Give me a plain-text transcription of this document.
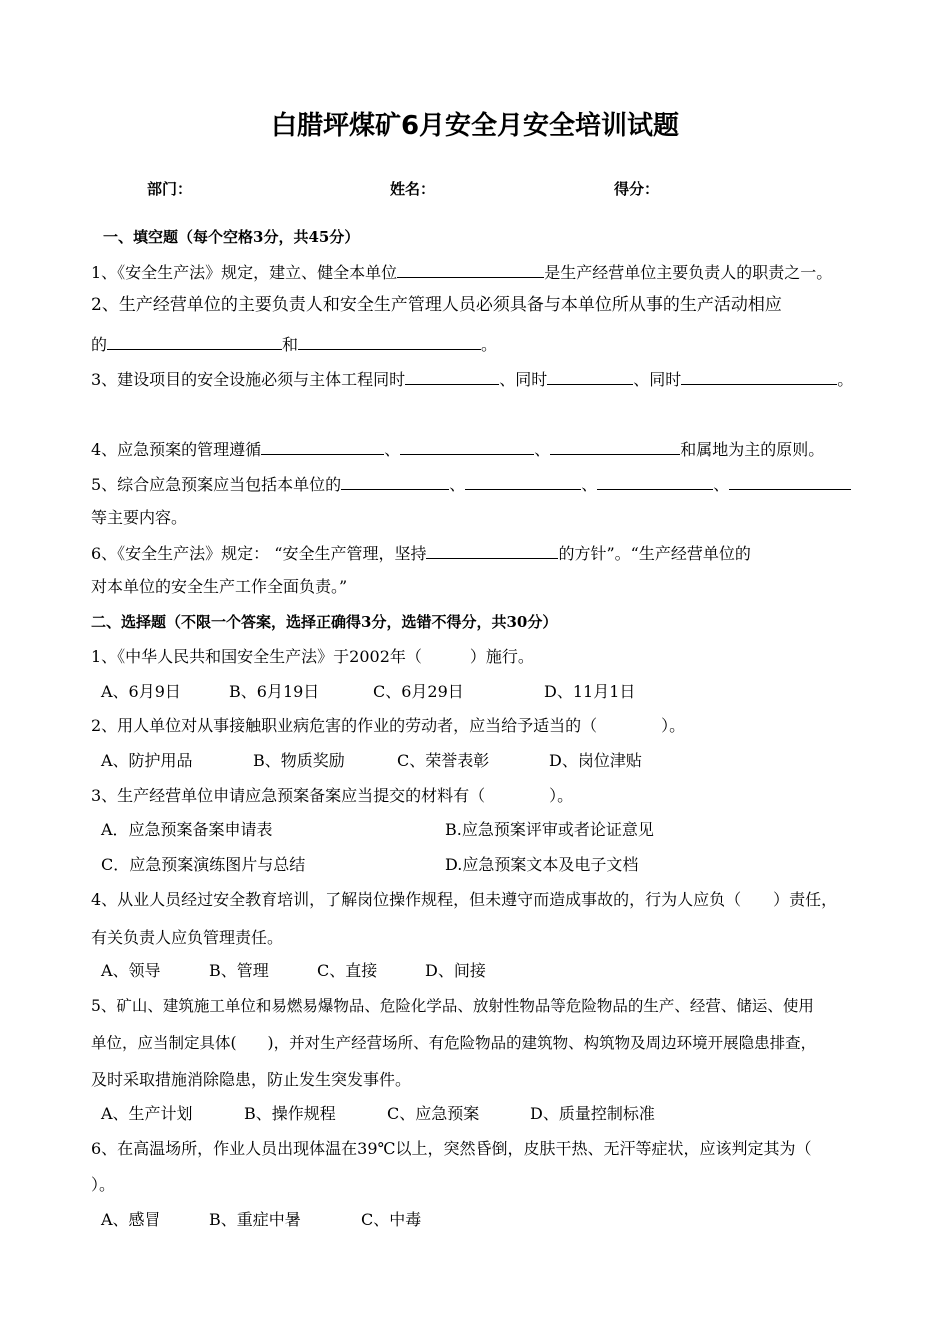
白腊坪煤矿6月安全月安全培训试题
部门：	姓名：	得分：
一、填空题（每个空格3分，共45分）
1、《安全生产法》规定，建立、健全本单位	是生产经营单位主要负责人的职责之一。
2、生产经营单位的主要负责人和安全生产管理人员必须具备与本单位所从事的生产活动相应
的	和	。
3、建设项目的安全设施必须与主体工程同时	、同时	、同时	。
4、应急预案的管理遵循	、	、	和属地为主的原则。
5、综合应急预案应当包括本单位的	、	、	、
等主要内容。
6、《安全生产法》规定： “安全生产管理，坚持	的方针”。“生产经营单位的
对本单位的安全生产工作全面负责。”
二、选择题（不限一个答案，选择正确得3分，选错不得分，共30分）
1、《中华人民共和国安全生产法》于2002年（　　　）施行。
A、6月9日	B、6月19日	C、6月29日	D、11月1日
2、用人单位对从事接触职业病危害的作业的劳动者，应当给予适当的（　　　　）。
A、防护用品	B、物质奖励	C、荣誉表彰	D、岗位津贴
3、生产经营单位申请应急预案备案应当提交的材料有（　　　　）。
A．应急预案备案申请表	B.应急预案评审或者论证意见
C．应急预案演练图片与总结	D.应急预案文本及电子文档
4、从业人员经过安全教育培训，了解岗位操作规程，但未遵守而造成事故的，行为人应负（　　）责任，
有关负责人应负管理责任。
A、领导	B、管理	C、直接	D、间接
5、矿山、建筑施工单位和易燃易爆物品、危险化学品、放射性物品等危险物品的生产、经营、储运、使用
单位，应当制定具体(　　)，并对生产经营场所、有危险物品的建筑物、构筑物及周边环境开展隐患排查，
及时采取措施消除隐患，防止发生突发事件。
A、生产计划	B、操作规程	C、应急预案	D、质量控制标准
6、在高温场所，作业人员出现体温在39℃以上，突然昏倒，皮肤干热、无汗等症状，应该判定其为（
）。
A、感冒	B、重症中暑	C、中毒
